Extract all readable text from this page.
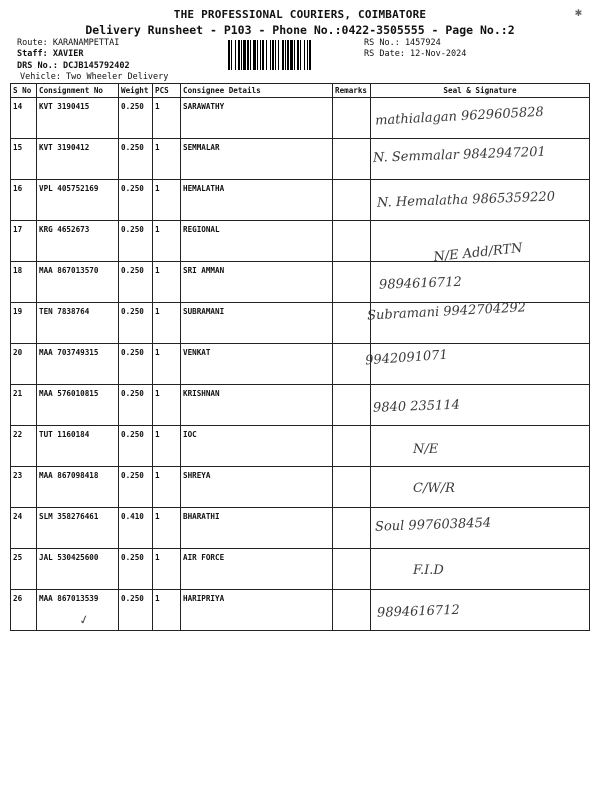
✱
THE PROFESSIONAL COURIERS, COIMBATORE
Delivery Runsheet - P103 - Phone No.:0422-3505555 - Page No.:2
Route: KARANAMPETTAI
Staff: XAVIER
DRS No.: DCJB145792402
Vehicle: Two Wheeler Delivery
RS No.: 1457924
RS Date: 12-Nov-2024
S No	Consignment No	Weight	PCS	Consignee Details	Remarks	Seal & Signature
14	KVT 3190415	0.250	1	SARAWATHY		mathialagan 9629605828

15	KVT 3190412	0.250	1	SEMMALAR		N. Semmalar 9842947201

16	VPL 405752169	0.250	1	HEMALATHA		N. Hemalatha 9865359220

17	KRG 4652673	0.250	1	REGIONAL		N/E Add/RTN

18	MAA 867013570	0.250	1	SRI AMMAN		9894616712

19	TEN 7838764	0.250	1	SUBRAMANI		Subramani 9942704292

20	MAA 703749315	0.250	1	VENKAT		9942091071

21	MAA 576010815	0.250	1	KRISHNAN		9840 235114

22	TUT 1160184	0.250	1	IOC		N/E

23	MAA 867098418	0.250	1	SHREYA		C/W/R

24	SLM 358276461	0.410	1	BHARATHI		Soul 9976038454

25	JAL 530425600	0.250	1	AIR FORCE		F.I.D

26	MAA 867013539	0.250	1	HARIPRIYA		9894616712
✓
